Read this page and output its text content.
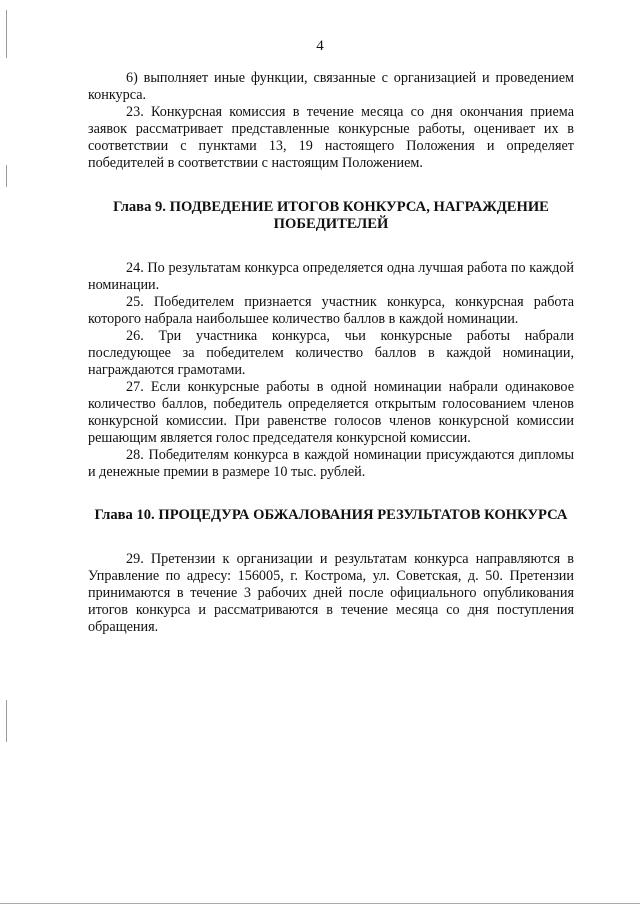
4

6) выполняет иные функции, связанные с организацией и проведением конкурса.

23. Конкурсная комиссия в течение месяца со дня окончания приема заявок рассматривает представленные конкурсные работы, оценивает их в соответствии с пунктами 13, 19 настоящего Положения и определяет победителей в соответствии с настоящим Положением.

Глава 9. ПОДВЕДЕНИЕ ИТОГОВ КОНКУРСА, НАГРАЖДЕНИЕ ПОБЕДИТЕЛЕЙ

24. По результатам конкурса определяется одна лучшая работа по каждой номинации.

25. Победителем признается участник конкурса, конкурсная работа которого набрала наибольшее количество баллов в каждой номинации.

26. Три участника конкурса, чьи конкурсные работы набрали последующее за победителем количество баллов в каждой номинации, награждаются грамотами.

27. Если конкурсные работы в одной номинации набрали одинаковое количество баллов, победитель определяется открытым голосованием членов конкурсной комиссии. При равенстве голосов членов конкурсной комиссии решающим является голос председателя конкурсной комиссии.

28. Победителям конкурса в каждой номинации присуждаются дипломы и денежные премии в размере 10 тыс. рублей.

Глава 10. ПРОЦЕДУРА ОБЖАЛОВАНИЯ РЕЗУЛЬТАТОВ КОНКУРСА

29. Претензии к организации и результатам конкурса направляются в Управление по адресу: 156005, г. Кострома, ул. Советская, д. 50. Претензии принимаются в течение 3 рабочих дней после официального опубликования итогов конкурса и рассматриваются в течение месяца со дня поступления обращения.
